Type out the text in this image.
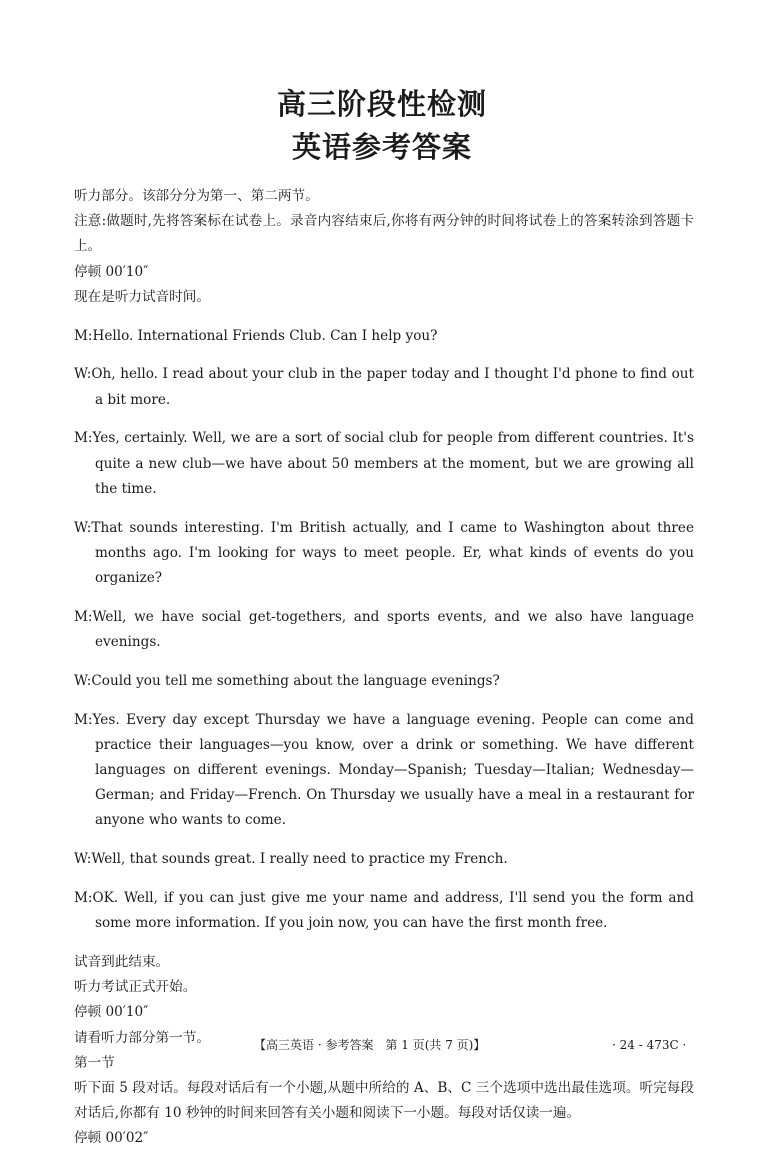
高三阶段性检测
英语参考答案

听力部分。该部分分为第一、第二两节。

注意:做题时,先将答案标在试卷上。录音内容结束后,你将有两分钟的时间将试卷上的答案转涂到答题卡上。

停顿 00′10″

现在是听力试音时间。

M:Hello. International Friends Club. Can I help you?

W:Oh, hello. I read about your club in the paper today and I thought I'd phone to find out a bit more.

M:Yes, certainly. Well, we are a sort of social club for people from different countries. It's quite a new club—we have about 50 members at the moment, but we are growing all the time.

W:That sounds interesting. I'm British actually, and I came to Washington about three months ago. I'm looking for ways to meet people. Er, what kinds of events do you organize?

M:Well, we have social get-togethers, and sports events, and we also have language evenings.

W:Could you tell me something about the language evenings?

M:Yes. Every day except Thursday we have a language evening. People can come and practice their languages—you know, over a drink or something. We have different languages on different evenings. Monday—Spanish; Tuesday—Italian; Wednesday—German; and Friday—French. On Thursday we usually have a meal in a restaurant for anyone who wants to come.

W:Well, that sounds great. I really need to practice my French.

M:OK. Well, if you can just give me your name and address, I'll send you the form and some more information. If you join now, you can have the first month free.

试音到此结束。

听力考试正式开始。

停顿 00′10″

请看听力部分第一节。

第一节

听下面 5 段对话。每段对话后有一个小题,从题中所给的 A、B、C 三个选项中选出最佳选项。听完每段对话后,你都有 10 秒钟的时间来回答有关小题和阅读下一小题。每段对话仅读一遍。

停顿 00′02″

【高三英语 · 参考答案　第 1 页(共 7 页)】	· 24 - 473C ·
